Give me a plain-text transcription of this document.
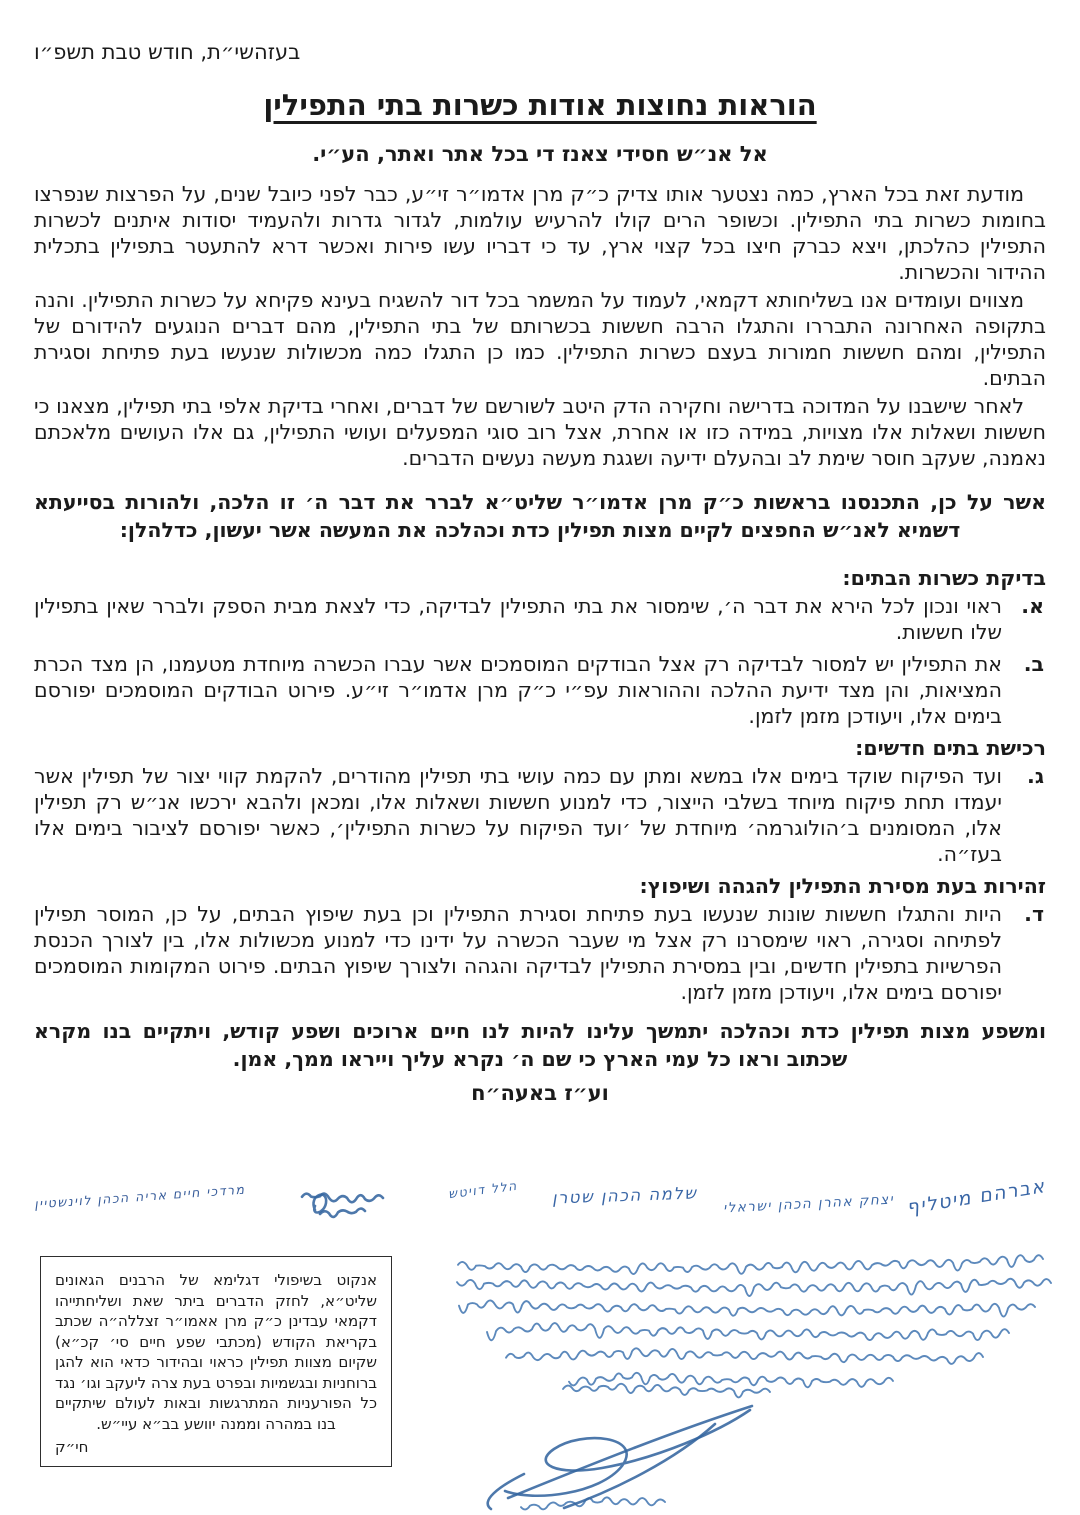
בעזהשי״ת, חודש טבת תשפ״ו
הוראות נחוצות אודות כשרות בתי התפילין
אל אנ״ש חסידי צאנז די בכל אתר ואתר, הע״י.

מודעת זאת בכל הארץ, כמה נצטער אותו צדיק כ״ק מרן אדמו״ר זי״ע, כבר לפני כיובל שנים, על הפרצות שנפרצו בחומות כשרות בתי התפילין. וכשופר הרים קולו להרעיש עולמות, לגדור גדרות ולהעמיד יסודות איתנים לכשרות התפילין כהלכתן, ויצא כברק חיצו בכל קצוי ארץ, עד כי דבריו עשו פירות ואכשר דרא להתעטר בתפילין בתכלית ההידור והכשרות.

מצווים ועומדים אנו בשליחותא דקמאי, לעמוד על המשמר בכל דור להשגיח בעינא פקיחא על כשרות התפילין. והנה בתקופה האחרונה התבררו והתגלו הרבה חששות בכשרותם של בתי התפילין, מהם דברים הנוגעים להידורם של התפילין, ומהם חששות חמורות בעצם כשרות התפילין. כמו כן התגלו כמה מכשולות שנעשו בעת פתיחת וסגירת הבתים.

לאחר שישבנו על המדוכה בדרישה וחקירה הדק היטב לשורשם של דברים, ואחרי בדיקת אלפי בתי תפילין, מצאנו כי חששות ושאלות אלו מצויות, במידה כזו או אחרת, אצל רוב סוגי המפעלים ועושי התפילין, גם אלו העושים מלאכתם נאמנה, שעקב חוסר שימת לב ובהעלם ידיעה ושגגת מעשה נעשים הדברים.

אשר על כן, התכנסנו בראשות כ״ק מרן אדמו״ר שליט״א לברר את דבר ה׳ זו הלכה, ולהורות בסייעתא דשמיא לאנ״ש החפצים לקיים מצות תפילין כדת וכהלכה את המעשה אשר יעשון, כדלהלן:

בדיקת כשרות הבתים:
א.
ראוי ונכון לכל הירא את דבר ה׳, שימסור את בתי התפילין לבדיקה, כדי לצאת מבית הספק ולברר שאין בתפילין שלו חששות.
ב.
את התפילין יש למסור לבדיקה רק אצל הבודקים המוסמכים אשר עברו הכשרה מיוחדת מטעמנו, הן מצד הכרת המציאות, והן מצד ידיעת ההלכה וההוראות עפ״י כ״ק מרן אדמו״ר זי״ע. פירוט הבודקים המוסמכים יפורסם בימים אלו, ויעודכן מזמן לזמן.
רכישת בתים חדשים:
ג.
ועד הפיקוח שוקד בימים אלו במשא ומתן עם כמה עושי בתי תפילין מהודרים, להקמת קווי יצור של תפילין אשר יעמדו תחת פיקוח מיוחד בשלבי הייצור, כדי למנוע חששות ושאלות אלו, ומכאן ולהבא ירכשו אנ״ש רק תפילין אלו, המסומנים ב׳הולוגרמה׳ מיוחדת של ׳ועד הפיקוח על כשרות התפילין׳, כאשר יפורסם לציבור בימים אלו בעז״ה.
זהירות בעת מסירת התפילין להגהה ושיפוץ:
ד.
היות והתגלו חששות שונות שנעשו בעת פתיחת וסגירת התפילין וכן בעת שיפוץ הבתים, על כן, המוסר תפילין לפתיחה וסגירה, ראוי שימסרנו רק אצל מי שעבר הכשרה על ידינו כדי למנוע מכשולות אלו, בין לצורך הכנסת הפרשיות בתפילין חדשים, ובין במסירת התפילין לבדיקה והגהה ולצורך שיפוץ הבתים. פירוט המקומות המוסמכים יפורסם בימים אלו, ויעודכן מזמן לזמן.

ומשפע מצות תפילין כדת וכהלכה יתמשך עלינו להיות לנו חיים ארוכים ושפע קודש, ויתקיים בנו מקרא שכתוב וראו כל עמי הארץ כי שם ה׳ נקרא עליך וייראו ממך, אמן.

וע״ז באעה״ח

אברהם מיטליף
יצחק אהרן הכהן ישראלי
שלמה הכהן שטרן
הלל דויטש
מרדכי חיים אריה הכהן לוינשטיין

אנקוט בשיפולי דגלימא של הרבנים הגאונים שליט״א, לחזק הדברים ביתר שאת ושליחתייהו דקמאי עבדינן כ״ק מרן אאמו״ר זצללה״ה שכתב בקריאת הקודש (מכתבי שפע חיים סי׳ קכ״א) שקיום מצוות תפילין כראוי ובהידור כדאי הוא להגן ברוחניות ובגשמיות ובפרט בעת צרה ליעקב וגו׳ נגד כל הפורעניות המתרגשות ובאות לעולם שיתקיים בנו במהרה וממנה יוושע בב״א עיי״ש.

חי״ק
